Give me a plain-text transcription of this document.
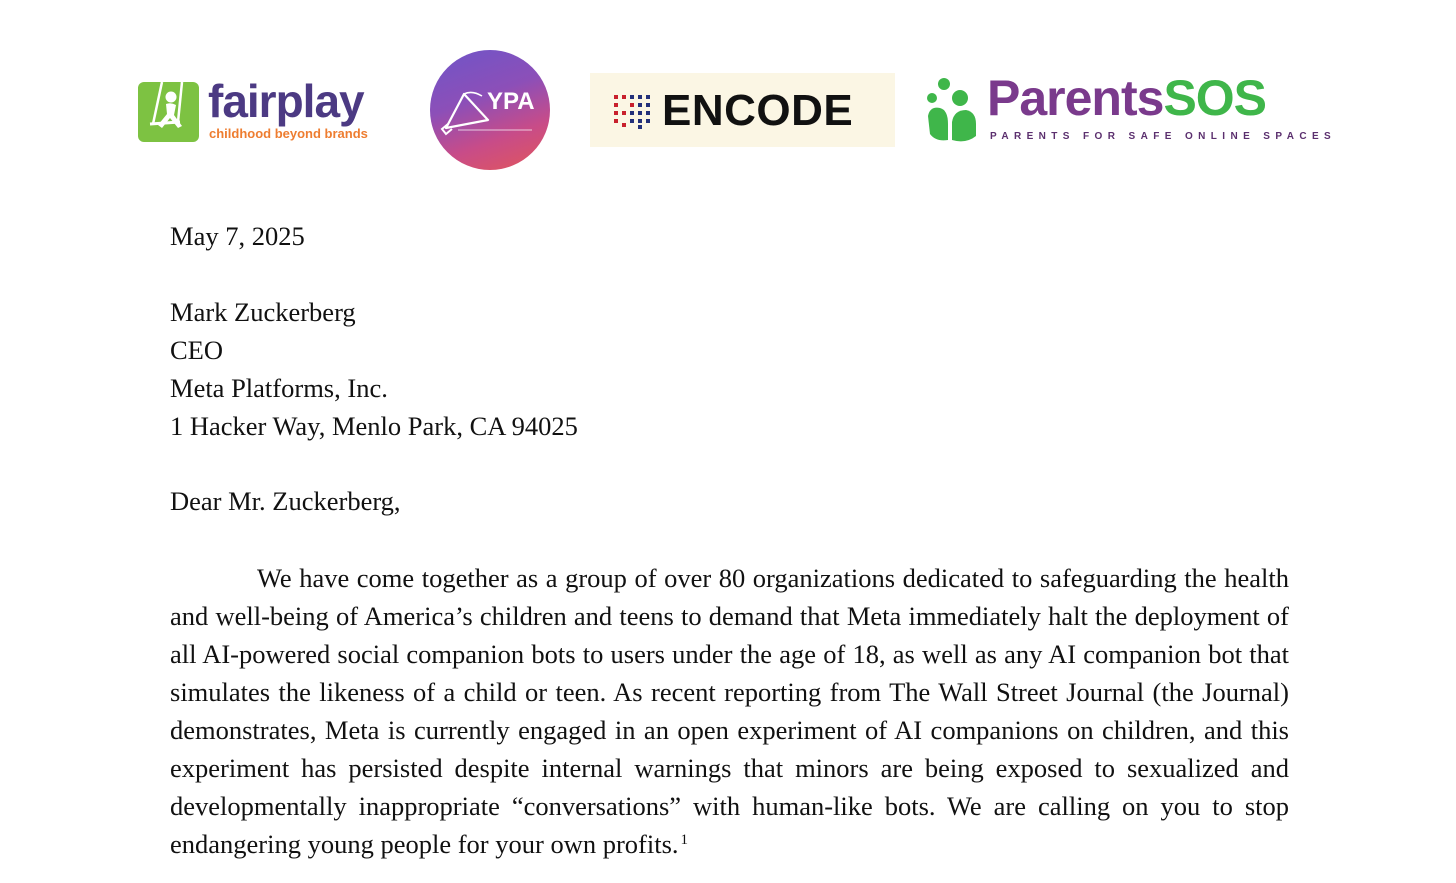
fairplay
childhood beyond brands
YPA	ENCODE	ParentsSOS
PARENTS FOR SAFE ONLINE SPACES
May 7, 2025
Mark Zuckerberg
CEO
Meta Platforms, Inc.
1 Hacker Way, Menlo Park, CA 94025
Dear Mr. Zuckerberg,
We have come together as a group of over 80 organizations dedicated to safeguarding the health and well-being of America’s children and teens to demand that Meta immediately halt the deployment of all AI-powered social companion bots to users under the age of 18, as well as any AI companion bot that simulates the likeness of a child or teen. As recent reporting from The Wall Street Journal (the Journal) demonstrates, Meta is currently engaged in an open experiment of AI companions on children, and this experiment has persisted despite internal warnings that minors are being exposed to sexualized and developmentally inappropriate “conversations” with human-like bots. We are calling on you to stop endangering young people for your own profits. $^1$
